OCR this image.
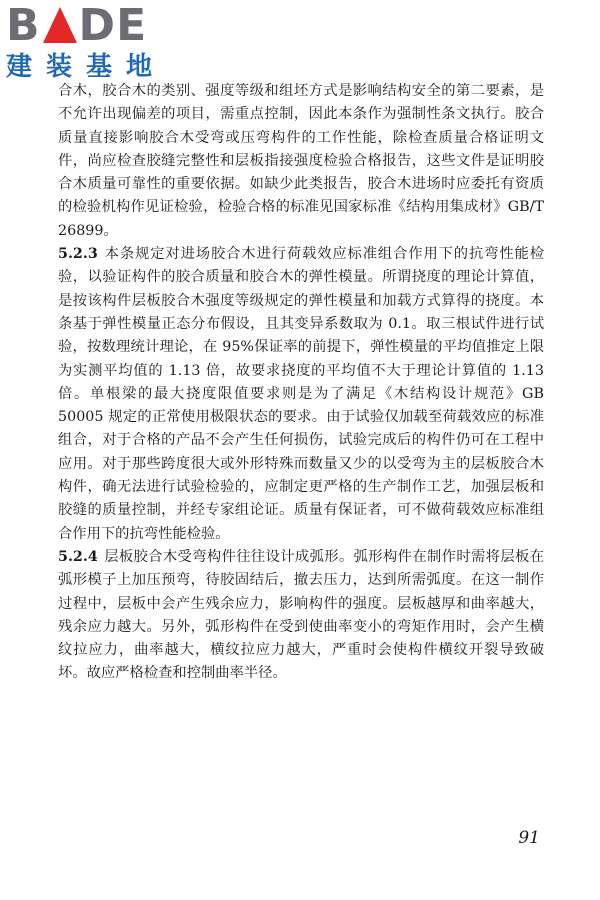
B DE
建装基地

合木，胶合木的类别、强度等级和组坯方式是影响结构安全的第二要素，是不允许出现偏差的项目，需重点控制，因此本条作为强制性条文执行。胶合质量直接影响胶合木受弯或压弯构件的工作性能，除检查质量合格证明文件，尚应检查胶缝完整性和层板指接强度检验合格报告，这些文件是证明胶合木质量可靠性的重要依据。如缺少此类报告，胶合木进场时应委托有资质的检验机构作见证检验，检验合格的标准见国家标准《结构用集成材》GB/T 26899。

5.2.3 本条规定对进场胶合木进行荷载效应标准组合作用下的抗弯性能检验，以验证构件的胶合质量和胶合木的弹性模量。所谓挠度的理论计算值，是按该构件层板胶合木强度等级规定的弹性模量和加载方式算得的挠度。本条基于弹性模量正态分布假设，且其变异系数取为 0.1。取三根试件进行试验，按数理统计理论，在 95%保证率的前提下，弹性模量的平均值推定上限为实测平均值的 1.13 倍，故要求挠度的平均值不大于理论计算值的 1.13 倍。单根梁的最大挠度限值要求则是为了满足《木结构设计规范》GB 50005 规定的正常使用极限状态的要求。由于试验仅加载至荷载效应的标准组合，对于合格的产品不会产生任何损伤，试验完成后的构件仍可在工程中应用。对于那些跨度很大或外形特殊而数量又少的以受弯为主的层板胶合木构件，确无法进行试验检验的，应制定更严格的生产制作工艺，加强层板和胶缝的质量控制，并经专家组论证。质量有保证者，可不做荷载效应标准组合作用下的抗弯性能检验。

5.2.4 层板胶合木受弯构件往往设计成弧形。弧形构件在制作时需将层板在弧形模子上加压预弯，待胶固结后，撤去压力，达到所需弧度。在这一制作过程中，层板中会产生残余应力，影响构件的强度。层板越厚和曲率越大，残余应力越大。另外，弧形构件在受到使曲率变小的弯矩作用时，会产生横纹拉应力，曲率越大，横纹拉应力越大，严重时会使构件横纹开裂导致破坏。故应严格检查和控制曲率半径。

91
